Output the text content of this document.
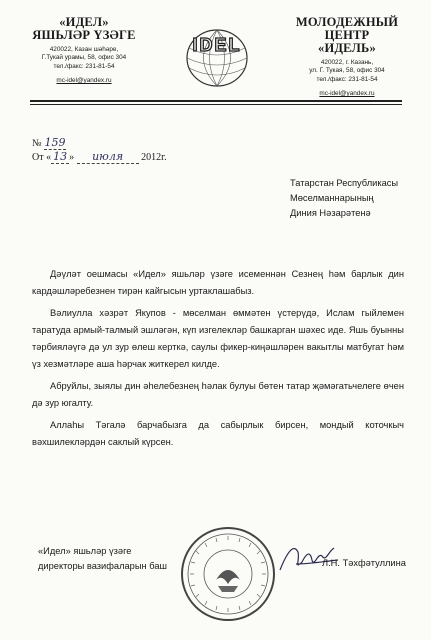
«ИДЕЛ»
ЯШЬЛӘР ҮЗӘГЕ
420022, Казан шәһәре,
Г.Тукай урамы, 58, офис 304
тел./факс: 231-81-54
mc-idel@yandex.ru
IDEL
МОЛОДЕЖНЫЙ ЦЕНТР
«ИДЕЛЬ»
420022, г. Казань,
ул. Г. Тукая, 58, офис 304
тел./факс: 231-81-54
mc-idel@yandex.ru
№ 159
От « 13 » июля 2012г.
Татарстан Республикасы
Мөселманнарының
Диния Нәзарәтенә

Дәүләт оешмасы «Идел» яшьләр үзәге исеменнән Сезнең һәм барлык дин кардәшләребезнен тирән кайгысын уртаклашабыз.

Вәлиулла хәзрәт Якупов - мөселман өммәтен үстерүдә, Ислам гыйлемен таратуда армый-талмый эшләгән, күп изгелекләр башкарган шәхес иде. Яшь буынны тәрбияләүгә дә ул зур өлеш керткә, саулы фикер-киңәшләрен вакытлы матбугат һәм үз хезмәтләре аша һәрчак житкерел килде.

Абруйлы, зыялы дин әһелебезнең һәлак булуы бөтен татар җәмәгатьчелеге өчен дә зур югалту.

Аллаһы Тәгалә барчабызга да сабырлык бирсен, мондый коточкыч вәхшилекләрдән саклый күрсен.

«Идел» яшьләр үзәге
директоры вазифаларын баш	Л.Н. Тәхфәтуллина
